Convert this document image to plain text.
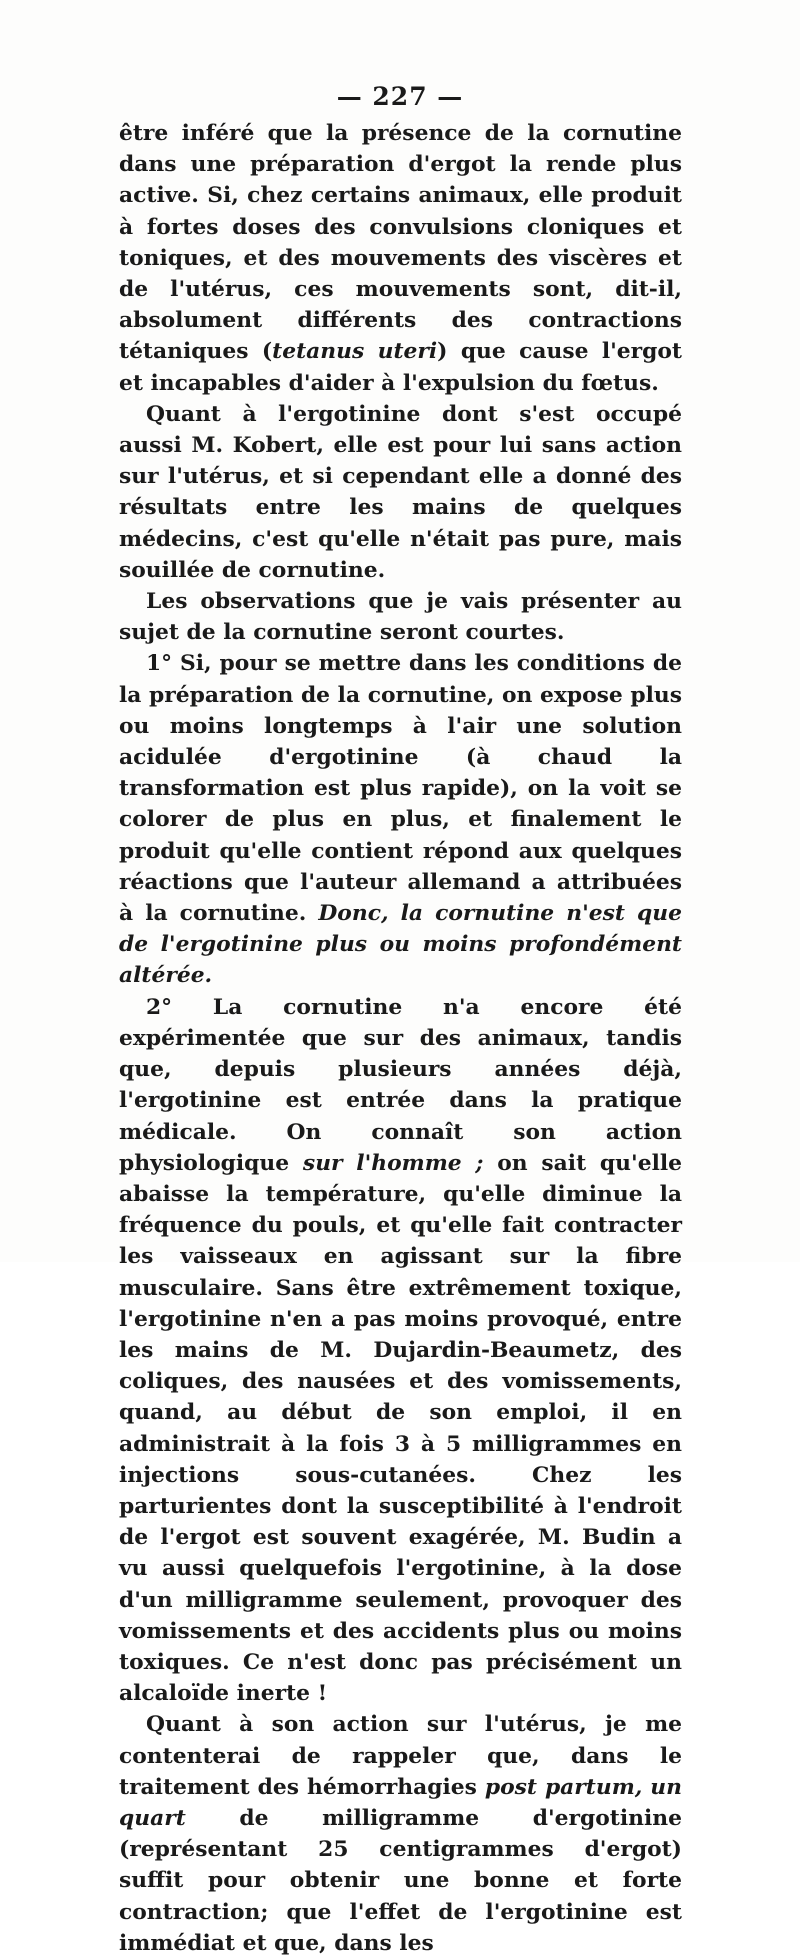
— 227 —

être inféré que la présence de la cornutine dans une préparation d'ergot la rende plus active. Si, chez certains animaux, elle produit à fortes doses des convulsions cloniques et toniques, et des mouvements des viscères et de l'utérus, ces mouvements sont, dit-il, absolument différents des contractions tétaniques (tetanus uteri) que cause l'ergot et incapables d'aider à l'expulsion du fœtus.

Quant à l'ergotinine dont s'est occupé aussi M. Kobert, elle est pour lui sans action sur l'utérus, et si cependant elle a donné des résultats entre les mains de quelques médecins, c'est qu'elle n'était pas pure, mais souillée de cornutine.

Les observations que je vais présenter au sujet de la cornutine seront courtes.

1° Si, pour se mettre dans les conditions de la préparation de la cornutine, on expose plus ou moins longtemps à l'air une solution acidulée d'ergotinine (à chaud la transformation est plus rapide), on la voit se colorer de plus en plus, et finalement le produit qu'elle contient répond aux quelques réactions que l'auteur allemand a attribuées à la cornutine. Donc, la cornutine n'est que de l'ergotinine plus ou moins profondément altérée.

2° La cornutine n'a encore été expérimentée que sur des animaux, tandis que, depuis plusieurs années déjà, l'ergotinine est entrée dans la pratique médicale. On connaît son action physiologique sur l'homme ; on sait qu'elle abaisse la température, qu'elle diminue la fréquence du pouls, et qu'elle fait contracter les vaisseaux en agissant sur la fibre musculaire. Sans être extrêmement toxique, l'ergotinine n'en a pas moins provoqué, entre les mains de M. Dujardin-Beaumetz, des coliques, des nausées et des vomissements, quand, au début de son emploi, il en administrait à la fois 3 à 5 milligrammes en injections sous-cutanées. Chez les parturientes dont la susceptibilité à l'endroit de l'ergot est souvent exagérée, M. Budin a vu aussi quelquefois l'ergotinine, à la dose d'un milligramme seulement, provoquer des vomissements et des accidents plus ou moins toxiques. Ce n'est donc pas précisément un alcaloïde inerte !

Quant à son action sur l'utérus, je me contenterai de rappeler que, dans le traitement des hémorrhagies post partum, un quart de milligramme d'ergotinine (représentant 25 centigrammes d'ergot) suffit pour obtenir une bonne et forte contraction; que l'effet de l'ergotinine est immédiat et que, dans les
